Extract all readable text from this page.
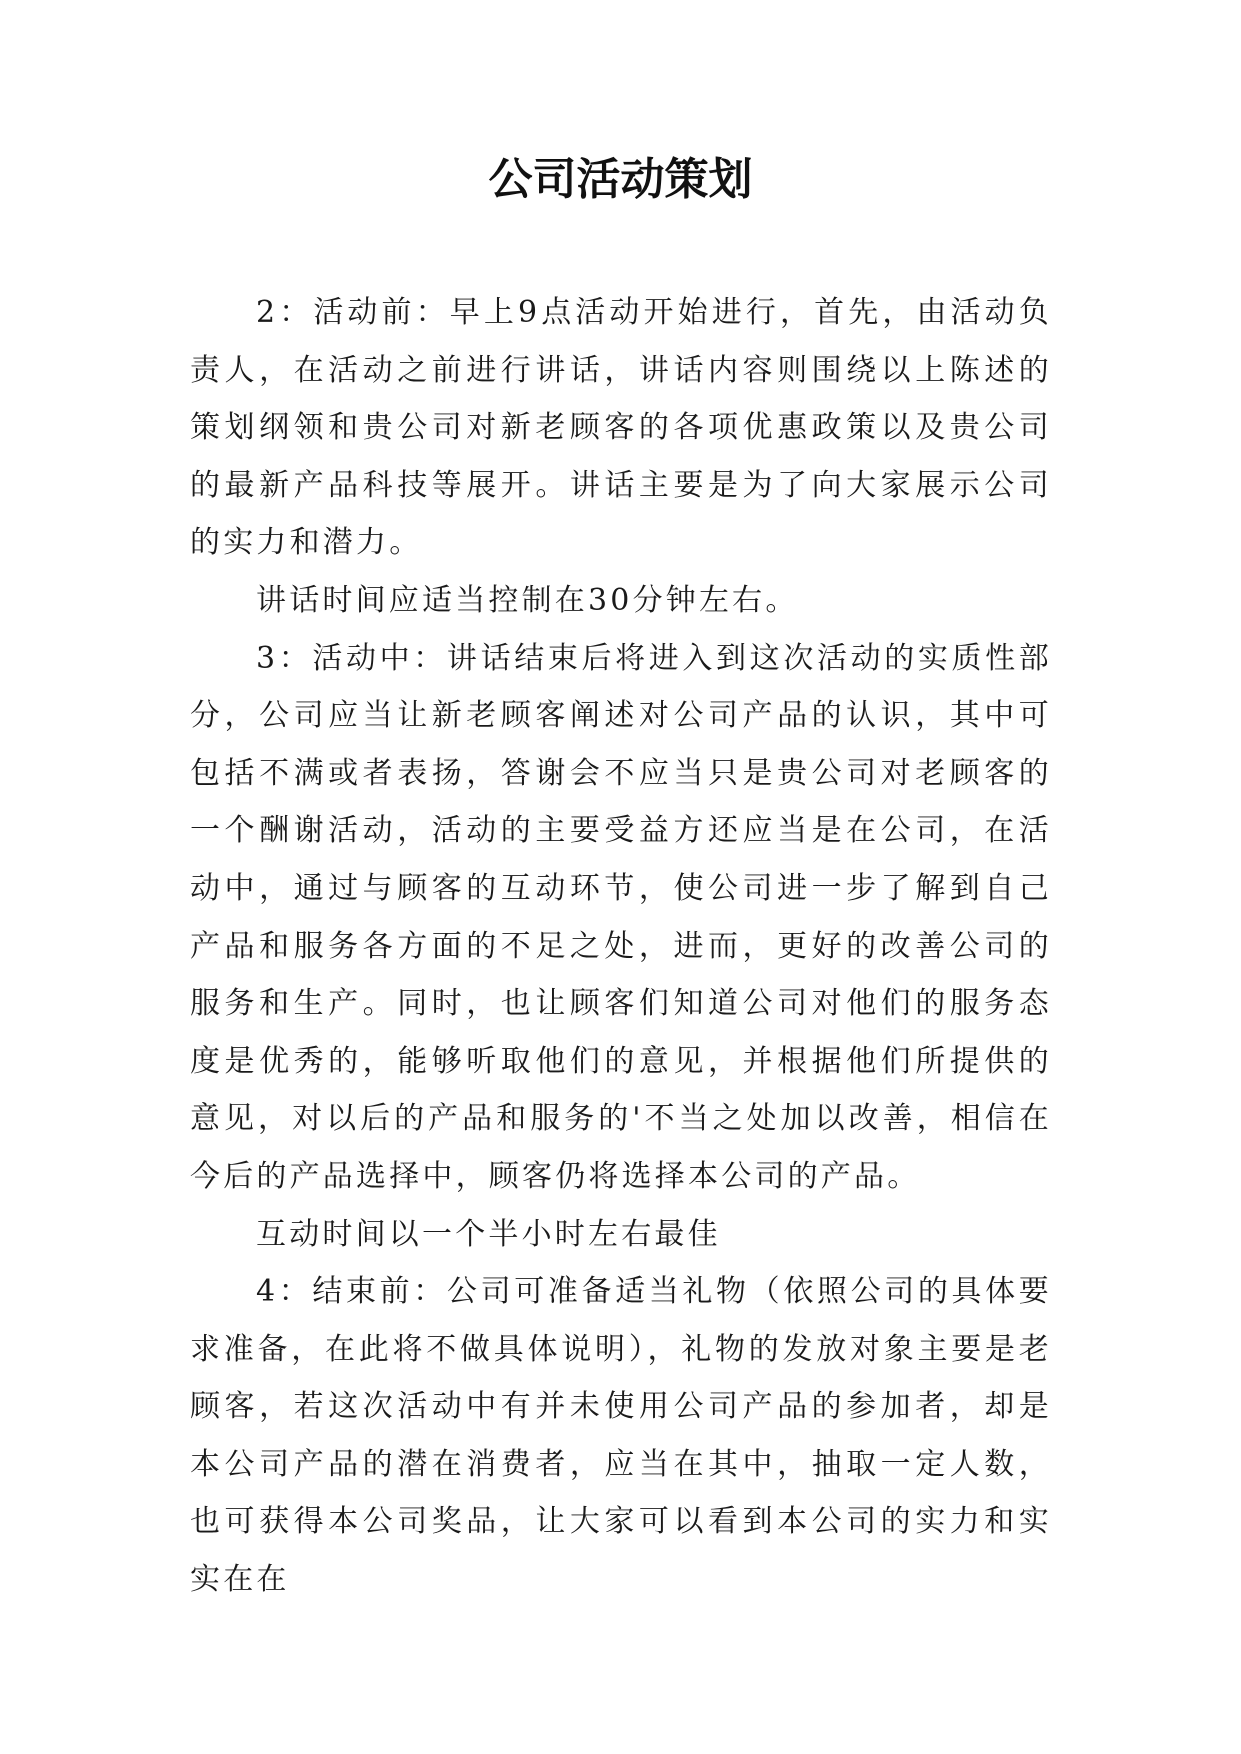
公司活动策划

2：活动前：早上9点活动开始进行，首先，由活动负责人，在活动之前进行讲话，讲话内容则围绕以上陈述的策划纲领和贵公司对新老顾客的各项优惠政策以及贵公司的最新产品科技等展开。讲话主要是为了向大家展示公司的实力和潜力。

讲话时间应适当控制在30分钟左右。

3：活动中：讲话结束后将进入到这次活动的实质性部分，公司应当让新老顾客阐述对公司产品的认识，其中可包括不满或者表扬，答谢会不应当只是贵公司对老顾客的一个酬谢活动，活动的主要受益方还应当是在公司，在活动中，通过与顾客的互动环节，使公司进一步了解到自己产品和服务各方面的不足之处，进而，更好的改善公司的服务和生产。同时，也让顾客们知道公司对他们的服务态度是优秀的，能够听取他们的意见，并根据他们所提供的意见，对以后的产品和服务的'不当之处加以改善，相信在今后的产品选择中，顾客仍将选择本公司的产品。

互动时间以一个半小时左右最佳

4：结束前：公司可准备适当礼物（依照公司的具体要求准备，在此将不做具体说明），礼物的发放对象主要是老顾客，若这次活动中有并未使用公司产品的参加者，却是本公司产品的潜在消费者，应当在其中，抽取一定人数，也可获得本公司奖品，让大家可以看到本公司的实力和实实在在
